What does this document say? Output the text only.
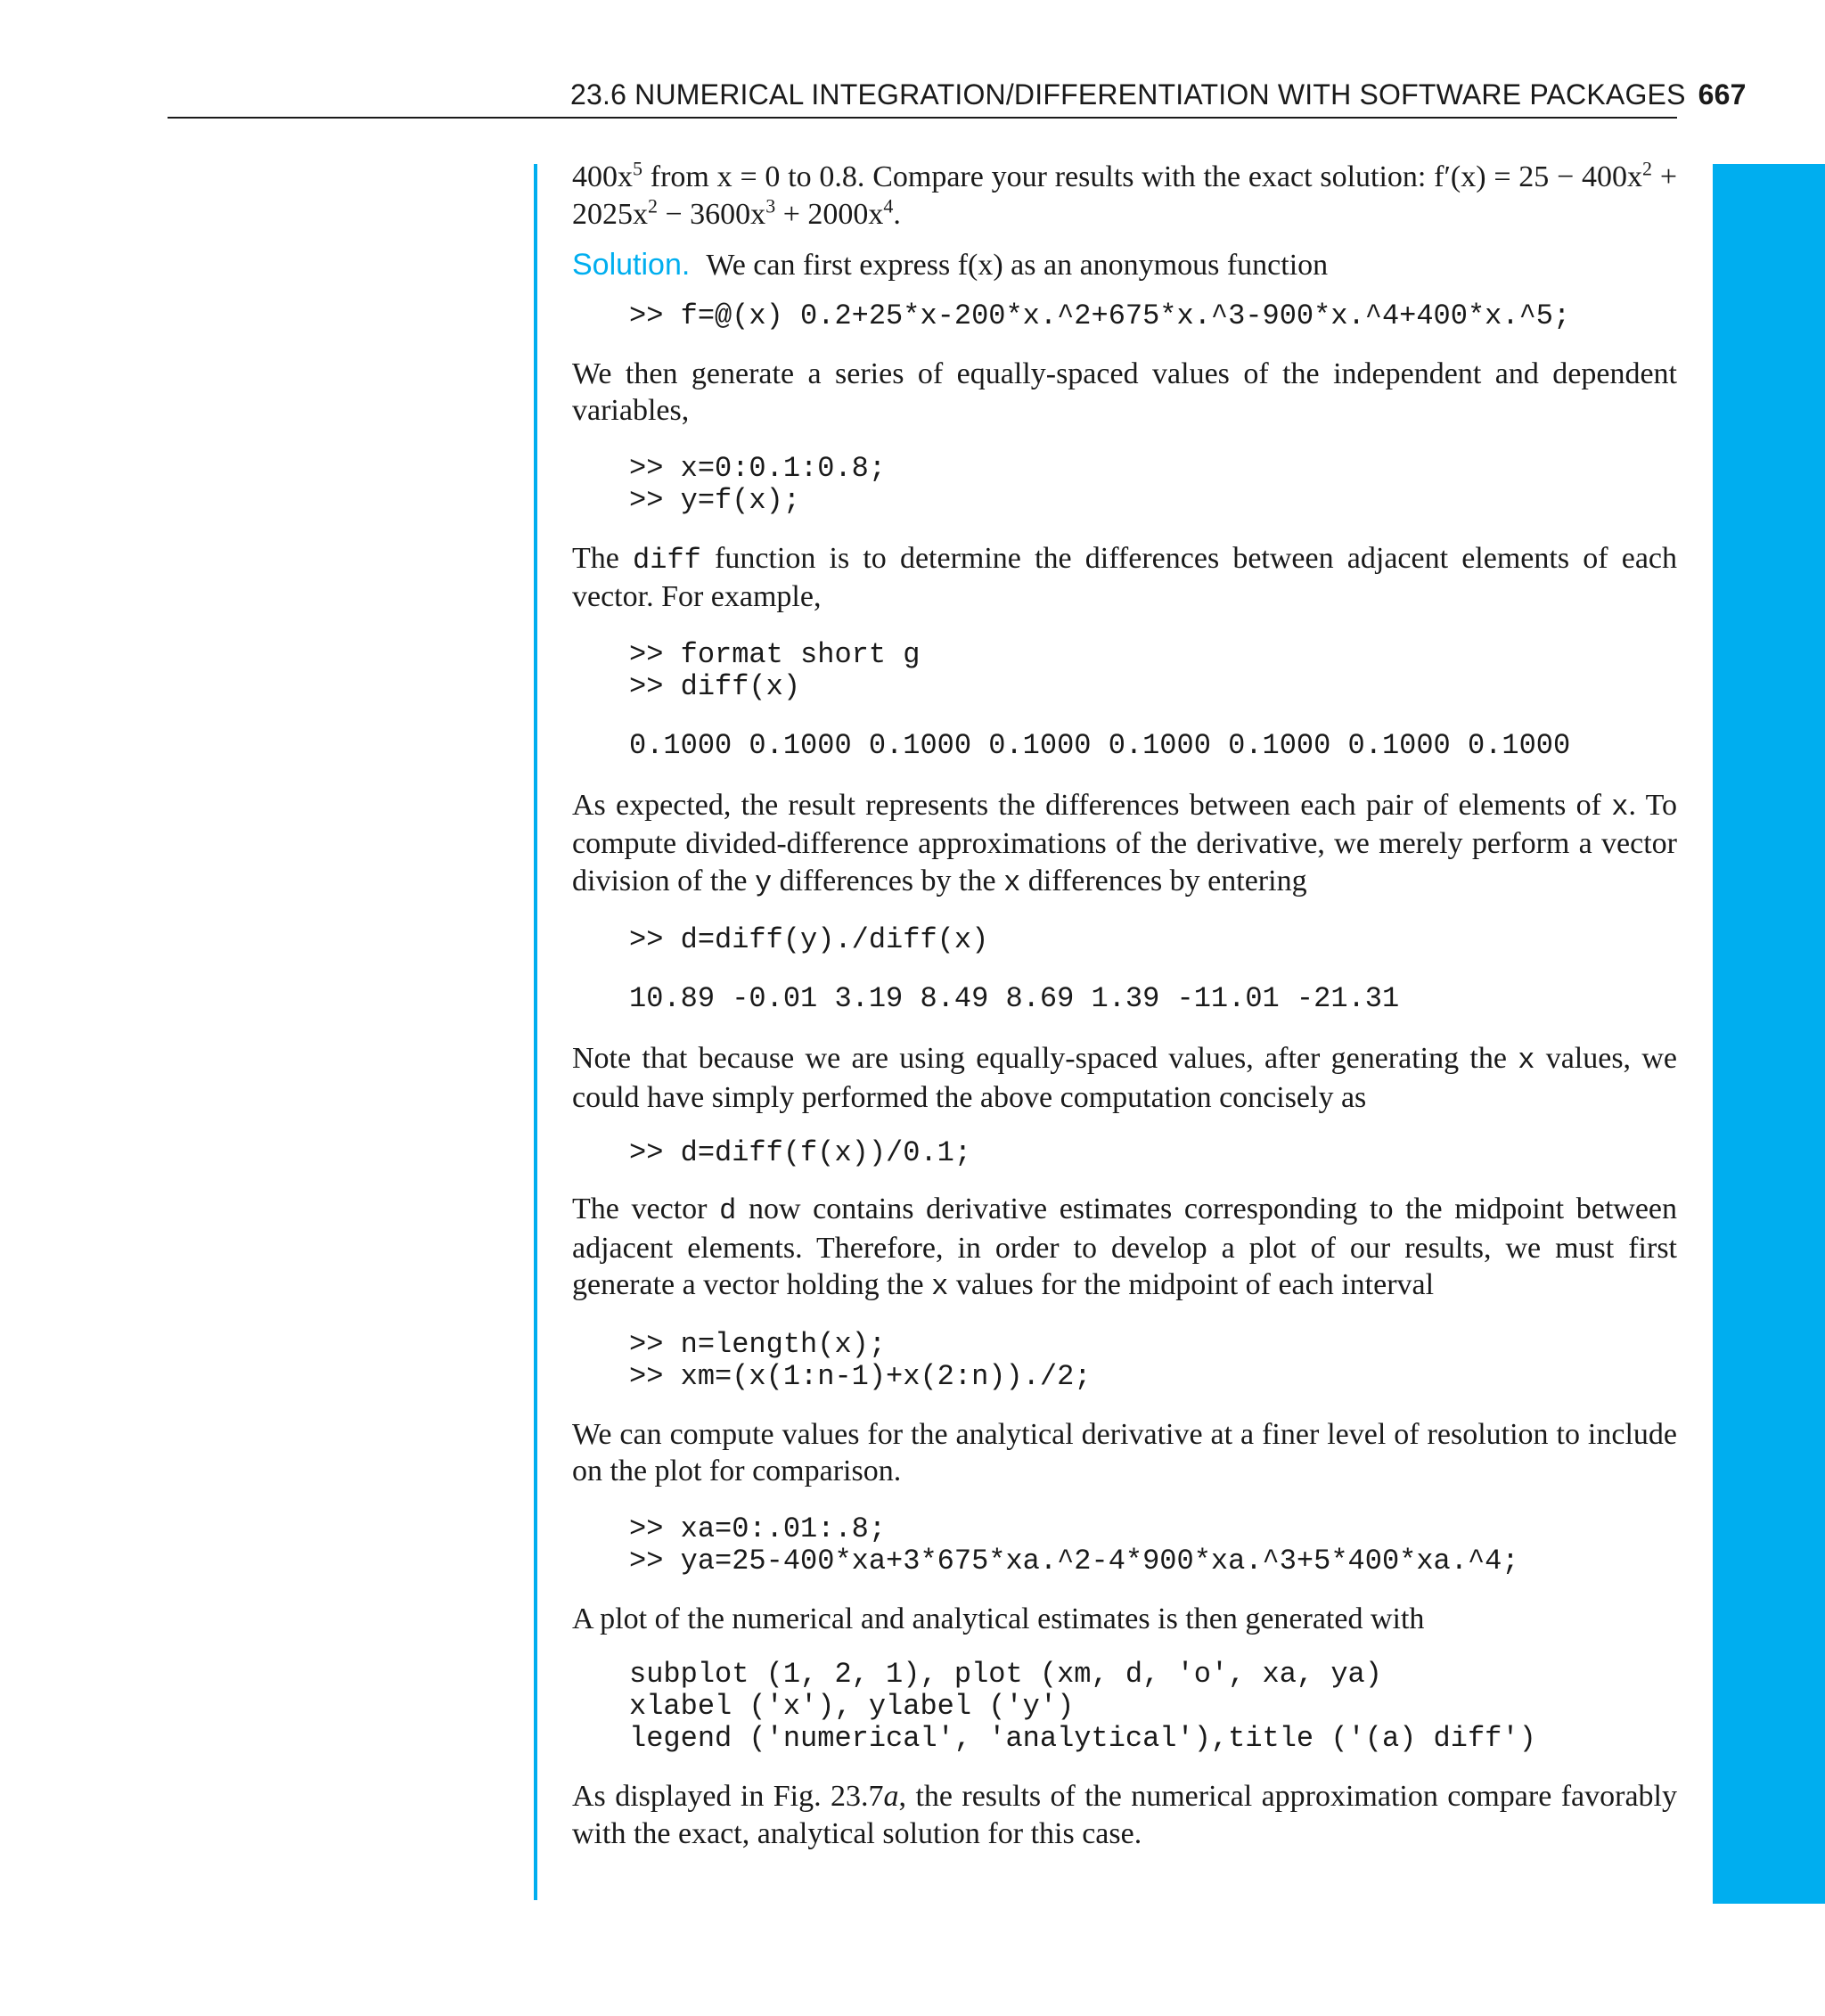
23.6 NUMERICAL INTEGRATION/DIFFERENTIATION WITH SOFTWARE PACKAGES 667

$400x^5$ from x = 0 to 0.8. Compare your results with the exact solution: $f'(x) = 25 - 400x^2 + 2025x^2 - 3600x^3 + 2000x^4$.

Solution. We can first express f(x) as an anonymous function

>> f=@(x) 0.2+25*x-200*x.^2+675*x.^3-900*x.^4+400*x.^5;

We then generate a series of equally-spaced values of the independent and dependent variables,

>> x=0:0.1:0.8;
>> y=f(x);

The diff function is to determine the differences between adjacent elements of each vector. For example,

>> format short g
>> diff(x)
0.1000 0.1000 0.1000 0.1000 0.1000 0.1000 0.1000 0.1000

As expected, the result represents the differences between each pair of elements of x. To compute divided-difference approximations of the derivative, we merely perform a vector division of the y differences by the x differences by entering

>> d=diff(y)./diff(x)
10.89 -0.01 3.19 8.49 8.69 1.39 -11.01 -21.31

Note that because we are using equally-spaced values, after generating the x values, we could have simply performed the above computation concisely as

>> d=diff(f(x))/0.1;

The vector d now contains derivative estimates corresponding to the midpoint between adjacent elements. Therefore, in order to develop a plot of our results, we must first generate a vector holding the x values for the midpoint of each interval

>> n=length(x);
>> xm=(x(1:n-1)+x(2:n))./2;

We can compute values for the analytical derivative at a finer level of resolution to include on the plot for comparison.

>> xa=0:.01:.8;
>> ya=25-400*xa+3*675*xa.^2-4*900*xa.^3+5*400*xa.^4;

A plot of the numerical and analytical estimates is then generated with

subplot (1, 2, 1), plot (xm, d, 'o', xa, ya)
xlabel ('x'), ylabel ('y')
legend ('numerical', 'analytical'),title ('(a) diff')

As displayed in Fig. 23.7a, the results of the numerical approximation compare favorably with the exact, analytical solution for this case.
